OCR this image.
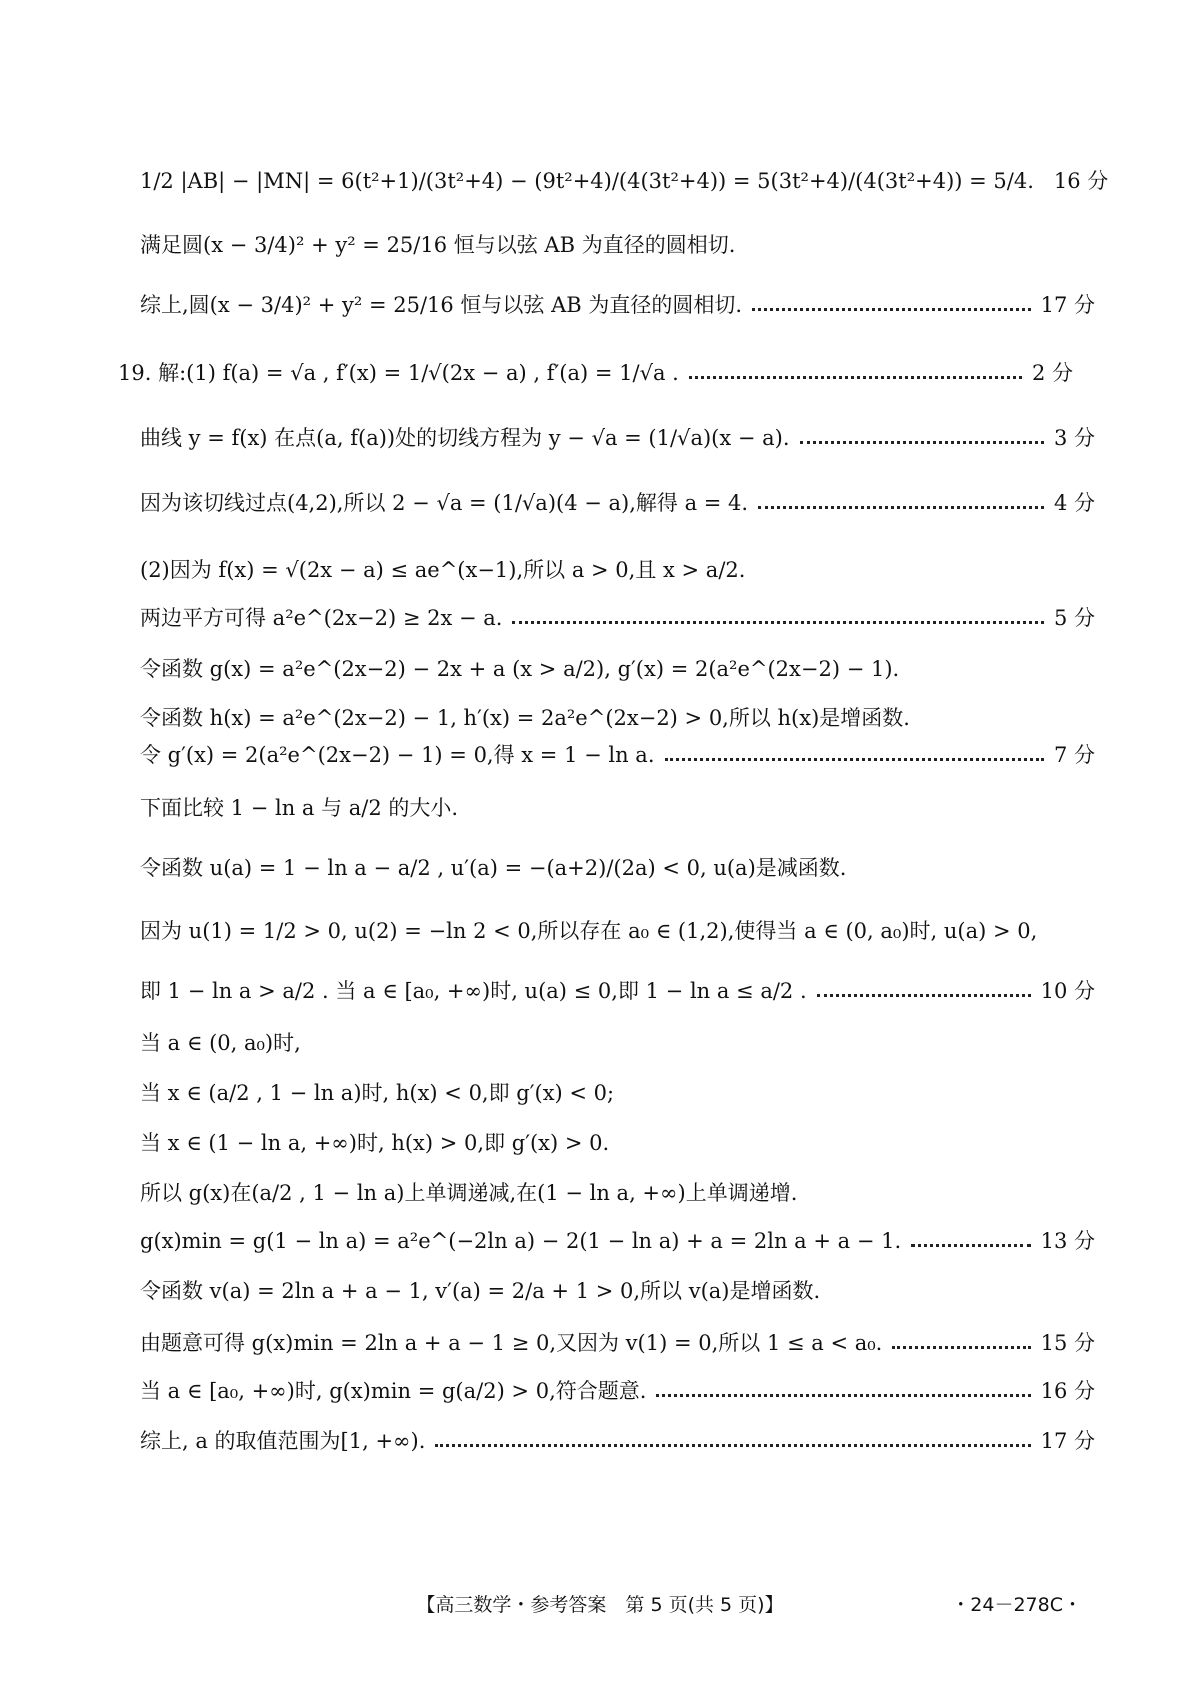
1/2 |AB| − |MN| = 6(t²+1)/(3t²+4) − (9t²+4)/(4(3t²+4)) = 5(3t²+4)/(4(3t²+4)) = 5/4. 16 分
满足圆(x − 3/4)² + y² = 25/16 恒与以弦 AB 为直径的圆相切.
综上,圆(x − 3/4)² + y² = 25/16 恒与以弦 AB 为直径的圆相切.	17 分
19. 解:(1) f(a) = √a , f′(x) = 1/√(2x − a) , f′(a) = 1/√a .	2 分
曲线 y = f(x) 在点(a, f(a))处的切线方程为 y − √a = (1/√a)(x − a).	3 分
因为该切线过点(4,2),所以 2 − √a = (1/√a)(4 − a),解得 a = 4.	4 分
(2)因为 f(x) = √(2x − a) ≤ ae^(x−1),所以 a > 0,且 x > a/2.
两边平方可得 a²e^(2x−2) ≥ 2x − a.	5 分
令函数 g(x) = a²e^(2x−2) − 2x + a (x > a/2), g′(x) = 2(a²e^(2x−2) − 1).
令函数 h(x) = a²e^(2x−2) − 1, h′(x) = 2a²e^(2x−2) > 0,所以 h(x)是增函数.
令 g′(x) = 2(a²e^(2x−2) − 1) = 0,得 x = 1 − ln a.	7 分
下面比较 1 − ln a 与 a/2 的大小.
令函数 u(a) = 1 − ln a − a/2 , u′(a) = −(a+2)/(2a) < 0, u(a)是减函数.
因为 u(1) = 1/2 > 0, u(2) = −ln 2 < 0,所以存在 a₀ ∈ (1,2),使得当 a ∈ (0, a₀)时, u(a) > 0,
即 1 − ln a > a/2 . 当 a ∈ [a₀, +∞)时, u(a) ≤ 0,即 1 − ln a ≤ a/2 .	10 分
当 a ∈ (0, a₀)时,
当 x ∈ (a/2 , 1 − ln a)时, h(x) < 0,即 g′(x) < 0;
当 x ∈ (1 − ln a, +∞)时, h(x) > 0,即 g′(x) > 0.
所以 g(x)在(a/2 , 1 − ln a)上单调递减,在(1 − ln a, +∞)上单调递增.
g(x)min = g(1 − ln a) = a²e^(−2ln a) − 2(1 − ln a) + a = 2ln a + a − 1.	13 分
令函数 v(a) = 2ln a + a − 1, v′(a) = 2/a + 1 > 0,所以 v(a)是增函数.
由题意可得 g(x)min = 2ln a + a − 1 ≥ 0,又因为 v(1) = 0,所以 1 ≤ a < a₀.	15 分
当 a ∈ [a₀, +∞)时, g(x)min = g(a/2) > 0,符合题意.	16 分
综上, a 的取值范围为[1, +∞).	17 分
【高三数学・参考答案　第 5 页(共 5 页)】	・24－278C・
